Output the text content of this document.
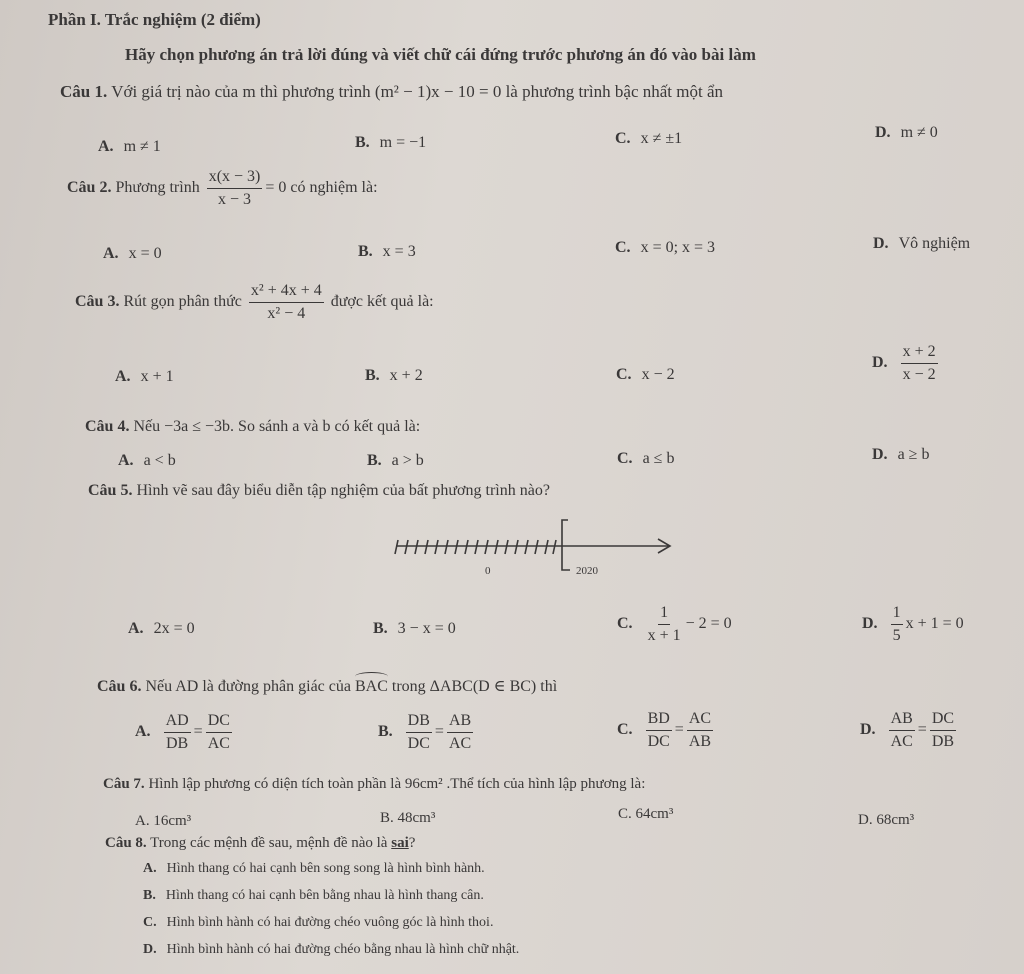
Phần I. Trắc nghiệm (2 điểm)
Hãy chọn phương án trả lời đúng và viết chữ cái đứng trước phương án đó vào bài làm
Câu 1. Với giá trị nào của m thì phương trình (m² − 1)x − 10 = 0 là phương trình bậc nhất một ẩn
A. m ≠ 1	B. m = −1	C. x ≠ ±1	D. m ≠ 0
Câu 2. Phương trình $\frac{x(x - 3)}{x - 3} = 0$ có nghiệm là:
A. x = 0	B. x = 3	C. x = 0; x = 3	D. Vô nghiệm
Câu 3. Rút gọn phân thức $\frac{\text{x² + 4x + 4}}{\text{x² − 4}}$ được kết quả là:
A. x + 1	B. x + 2	C. x − 2
D. $\frac{x + 2}{x - 2}$
Câu 4. Nếu −3a ≤ −3b. So sánh a và b có kết quả là:
A. a < b	B. a > b	C. a ≤ b	D. a ≥ b
Câu 5. Hình vẽ sau đây biểu diễn tập nghiệm của bất phương trình nào?
0	2020
A. 2x = 0	B. 3 − x = 0	C. $\frac{1}{x + 1} - 2 = 0$	D. $\frac{1}{5}$ x + 1 = 0
Câu 6. Nếu AD là đường phân giác của BAC trong ΔABC(D ∈ BC) thì
A. $\frac{AD}{DB} = \frac{DC}{AC}$	B. $\frac{DB}{DC} = \frac{AB}{AC}$	C. $\frac{BD}{DC} = \frac{AC}{AB}$	D. $\frac{AB}{AC} = \frac{DC}{DB}$
Câu 7. Hình lập phương có diện tích toàn phần là 96cm² .Thể tích của hình lập phương là:
A. 16cm³	B. 48cm³	C. 64cm³	D. 68cm³
Câu 8. Trong các mệnh đề sau, mệnh đề nào là sai?
A. Hình thang có hai cạnh bên song song là hình bình hành.
B. Hình thang có hai cạnh bên bằng nhau là hình thang cân.
C. Hình bình hành có hai đường chéo vuông góc là hình thoi.
D. Hình bình hành có hai đường chéo bằng nhau là hình chữ nhật.
